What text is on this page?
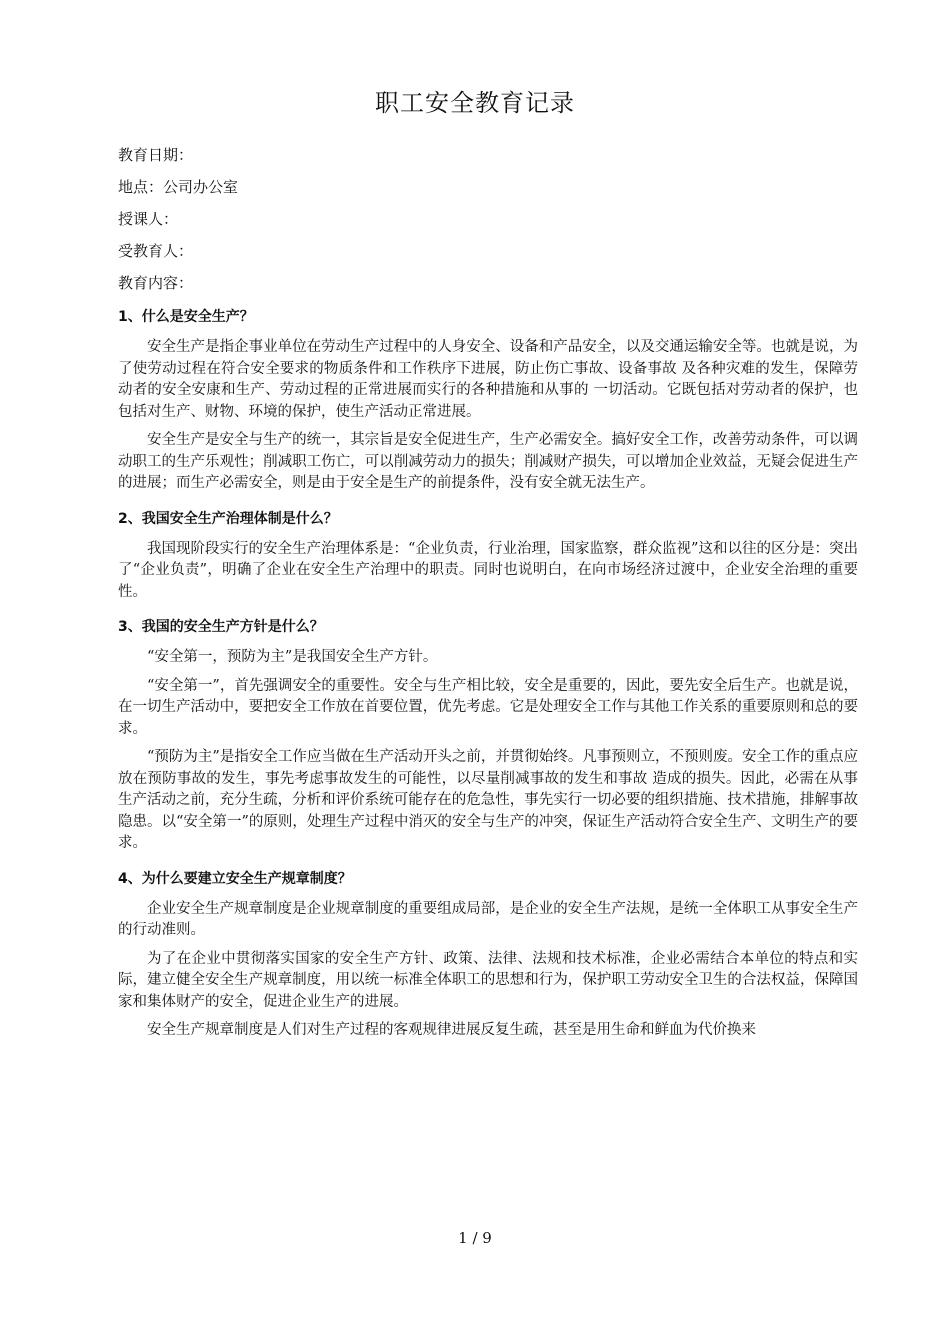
职工安全教育记录
教育日期：
地点：公司办公室
授课人：
受教育人：
教育内容：
1、什么是安全生产？

安全生产是指企事业单位在劳动生产过程中的人身安全、设备和产品安全，以及交通运输安全等。也就是说，为了使劳动过程在符合安全要求的物质条件和工作秩序下进展，防止伤亡事故、设备事故 及各种灾难的发生，保障劳动者的安全安康和生产、劳动过程的正常进展而实行的各种措施和从事的 一切活动。它既包括对劳动者的保护，也包括对生产、财物、环境的保护，使生产活动正常进展。

安全生产是安全与生产的统一，其宗旨是安全促进生产，生产必需安全。搞好安全工作，改善劳动条件，可以调动职工的生产乐观性；削减职工伤亡，可以削减劳动力的损失；削减财产损失，可以增加企业效益，无疑会促进生产的进展；而生产必需安全，则是由于安全是生产的前提条件，没有安全就无法生产。

2、我国安全生产治理体制是什么？

我国现阶段实行的安全生产治理体系是：“企业负责，行业治理，国家监察，群众监视”这和以往的区分是：突出了“企业负责”，明确了企业在安全生产治理中的职责。同时也说明白，在向市场经济过渡中，企业安全治理的重要性。

3、我国的安全生产方针是什么？

“安全第一，预防为主”是我国安全生产方针。

“安全第一”，首先强调安全的重要性。安全与生产相比较，安全是重要的，因此，要先安全后生产。也就是说，在一切生产活动中，要把安全工作放在首要位置，优先考虑。它是处理安全工作与其他工作关系的重要原则和总的要求。

“预防为主”是指安全工作应当做在生产活动开头之前，并贯彻始终。凡事预则立，不预则废。安全工作的重点应放在预防事故的发生，事先考虑事故发生的可能性，以尽量削减事故的发生和事故 造成的损失。因此，必需在从事生产活动之前，充分生疏，分析和评价系统可能存在的危急性，事先实行一切必要的组织措施、技术措施，排解事故隐患。以“安全第一”的原则，处理生产过程中消灭的安全与生产的冲突，保证生产活动符合安全生产、文明生产的要求。

4、为什么要建立安全生产规章制度？

企业安全生产规章制度是企业规章制度的重要组成局部，是企业的安全生产法规，是统一全体职工从事安全生产的行动准则。

为了在企业中贯彻落实国家的安全生产方针、政策、法律、法规和技术标准，企业必需结合本单位的特点和实际，建立健全安全生产规章制度，用以统一标准全体职工的思想和行为，保护职工劳动安全卫生的合法权益，保障国家和集体财产的安全，促进企业生产的进展。

安全生产规章制度是人们对生产过程的客观规律进展反复生疏，甚至是用生命和鲜血为代价换来

1 / 9
